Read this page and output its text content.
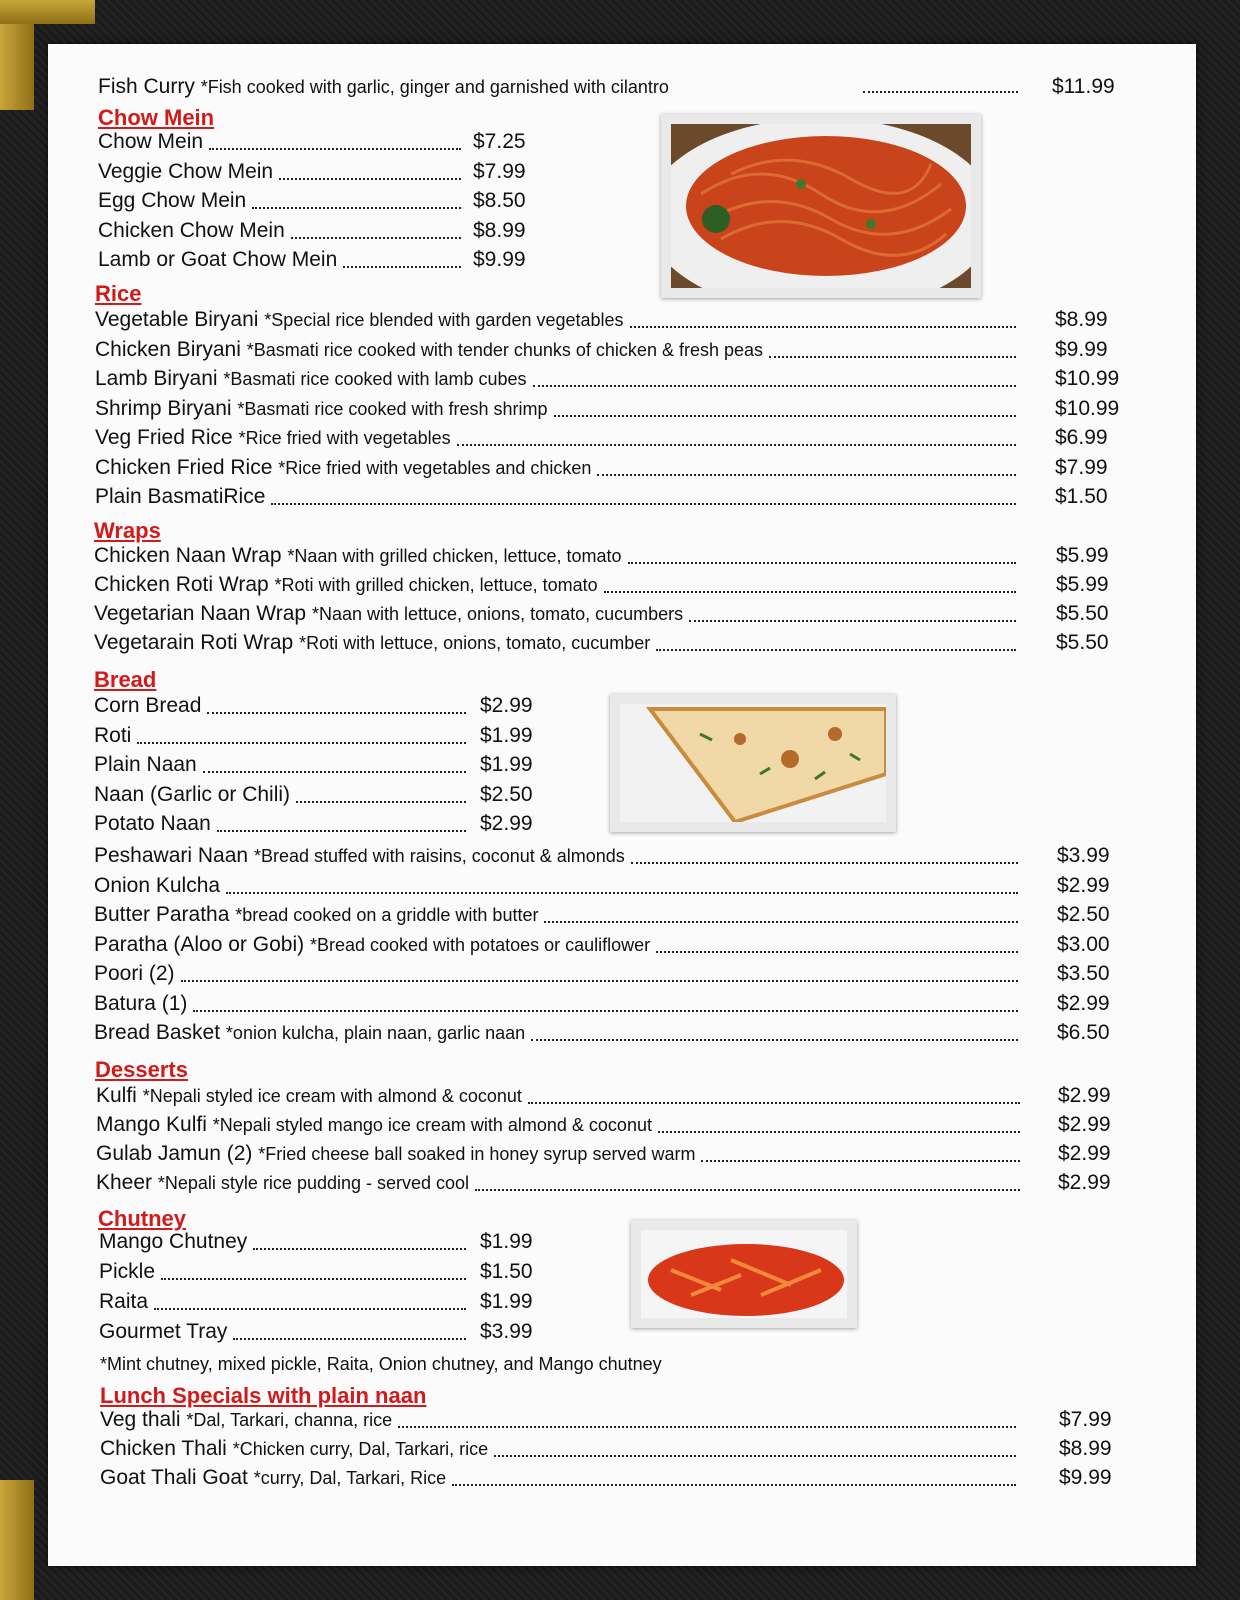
Fish Curry *Fish cooked with garlic, ginger and garnished with cilantro	$11.99
Chow Mein
Chow Mein	$7.25
Veggie Chow Mein	$7.99
Egg Chow Mein	$8.50
Chicken Chow Mein	$8.99
Lamb or Goat Chow Mein	$9.99
Rice
Vegetable Biryani *Special rice blended with garden vegetables	$8.99
Chicken Biryani *Basmati rice cooked with tender chunks of chicken & fresh peas	$9.99
Lamb Biryani *Basmati rice cooked with lamb cubes	$10.99
Shrimp Biryani *Basmati rice cooked with fresh shrimp	$10.99
Veg Fried Rice *Rice fried with vegetables	$6.99
Chicken Fried Rice *Rice fried with vegetables and chicken	$7.99
Plain BasmatiRice	$1.50
Wraps
Chicken Naan Wrap *Naan with grilled chicken, lettuce, tomato	$5.99
Chicken Roti Wrap *Roti with grilled chicken, lettuce, tomato	$5.99
Vegetarian Naan Wrap *Naan with lettuce, onions, tomato, cucumbers	$5.50
Vegetarain Roti Wrap *Roti with lettuce, onions, tomato, cucumber	$5.50
Bread
Corn Bread	$2.99
Roti	$1.99
Plain Naan	$1.99
Naan (Garlic or Chili)	$2.50
Potato Naan	$2.99
Peshawari Naan *Bread stuffed with raisins, coconut & almonds	$3.99
Onion Kulcha	$2.99
Butter Paratha *bread cooked on a griddle with butter	$2.50
Paratha (Aloo or Gobi) *Bread cooked with potatoes or cauliflower	$3.00
Poori (2)	$3.50
Batura (1)	$2.99
Bread Basket *onion kulcha, plain naan, garlic naan	$6.50
Desserts
Kulfi *Nepali styled ice cream with almond & coconut	$2.99
Mango Kulfi *Nepali styled mango ice cream with almond & coconut	$2.99
Gulab Jamun (2) *Fried cheese ball soaked in honey syrup served warm	$2.99
Kheer *Nepali style rice pudding - served cool	$2.99
Chutney
Mango Chutney	$1.99
Pickle	$1.50
Raita	$1.99
Gourmet Tray	$3.99
*Mint chutney, mixed pickle, Raita, Onion chutney, and Mango chutney
Lunch Specials with plain naan
Veg thali *Dal, Tarkari, channa, rice	$7.99
Chicken Thali *Chicken curry, Dal, Tarkari, rice	$8.99
Goat Thali Goat *curry, Dal, Tarkari, Rice	$9.99
